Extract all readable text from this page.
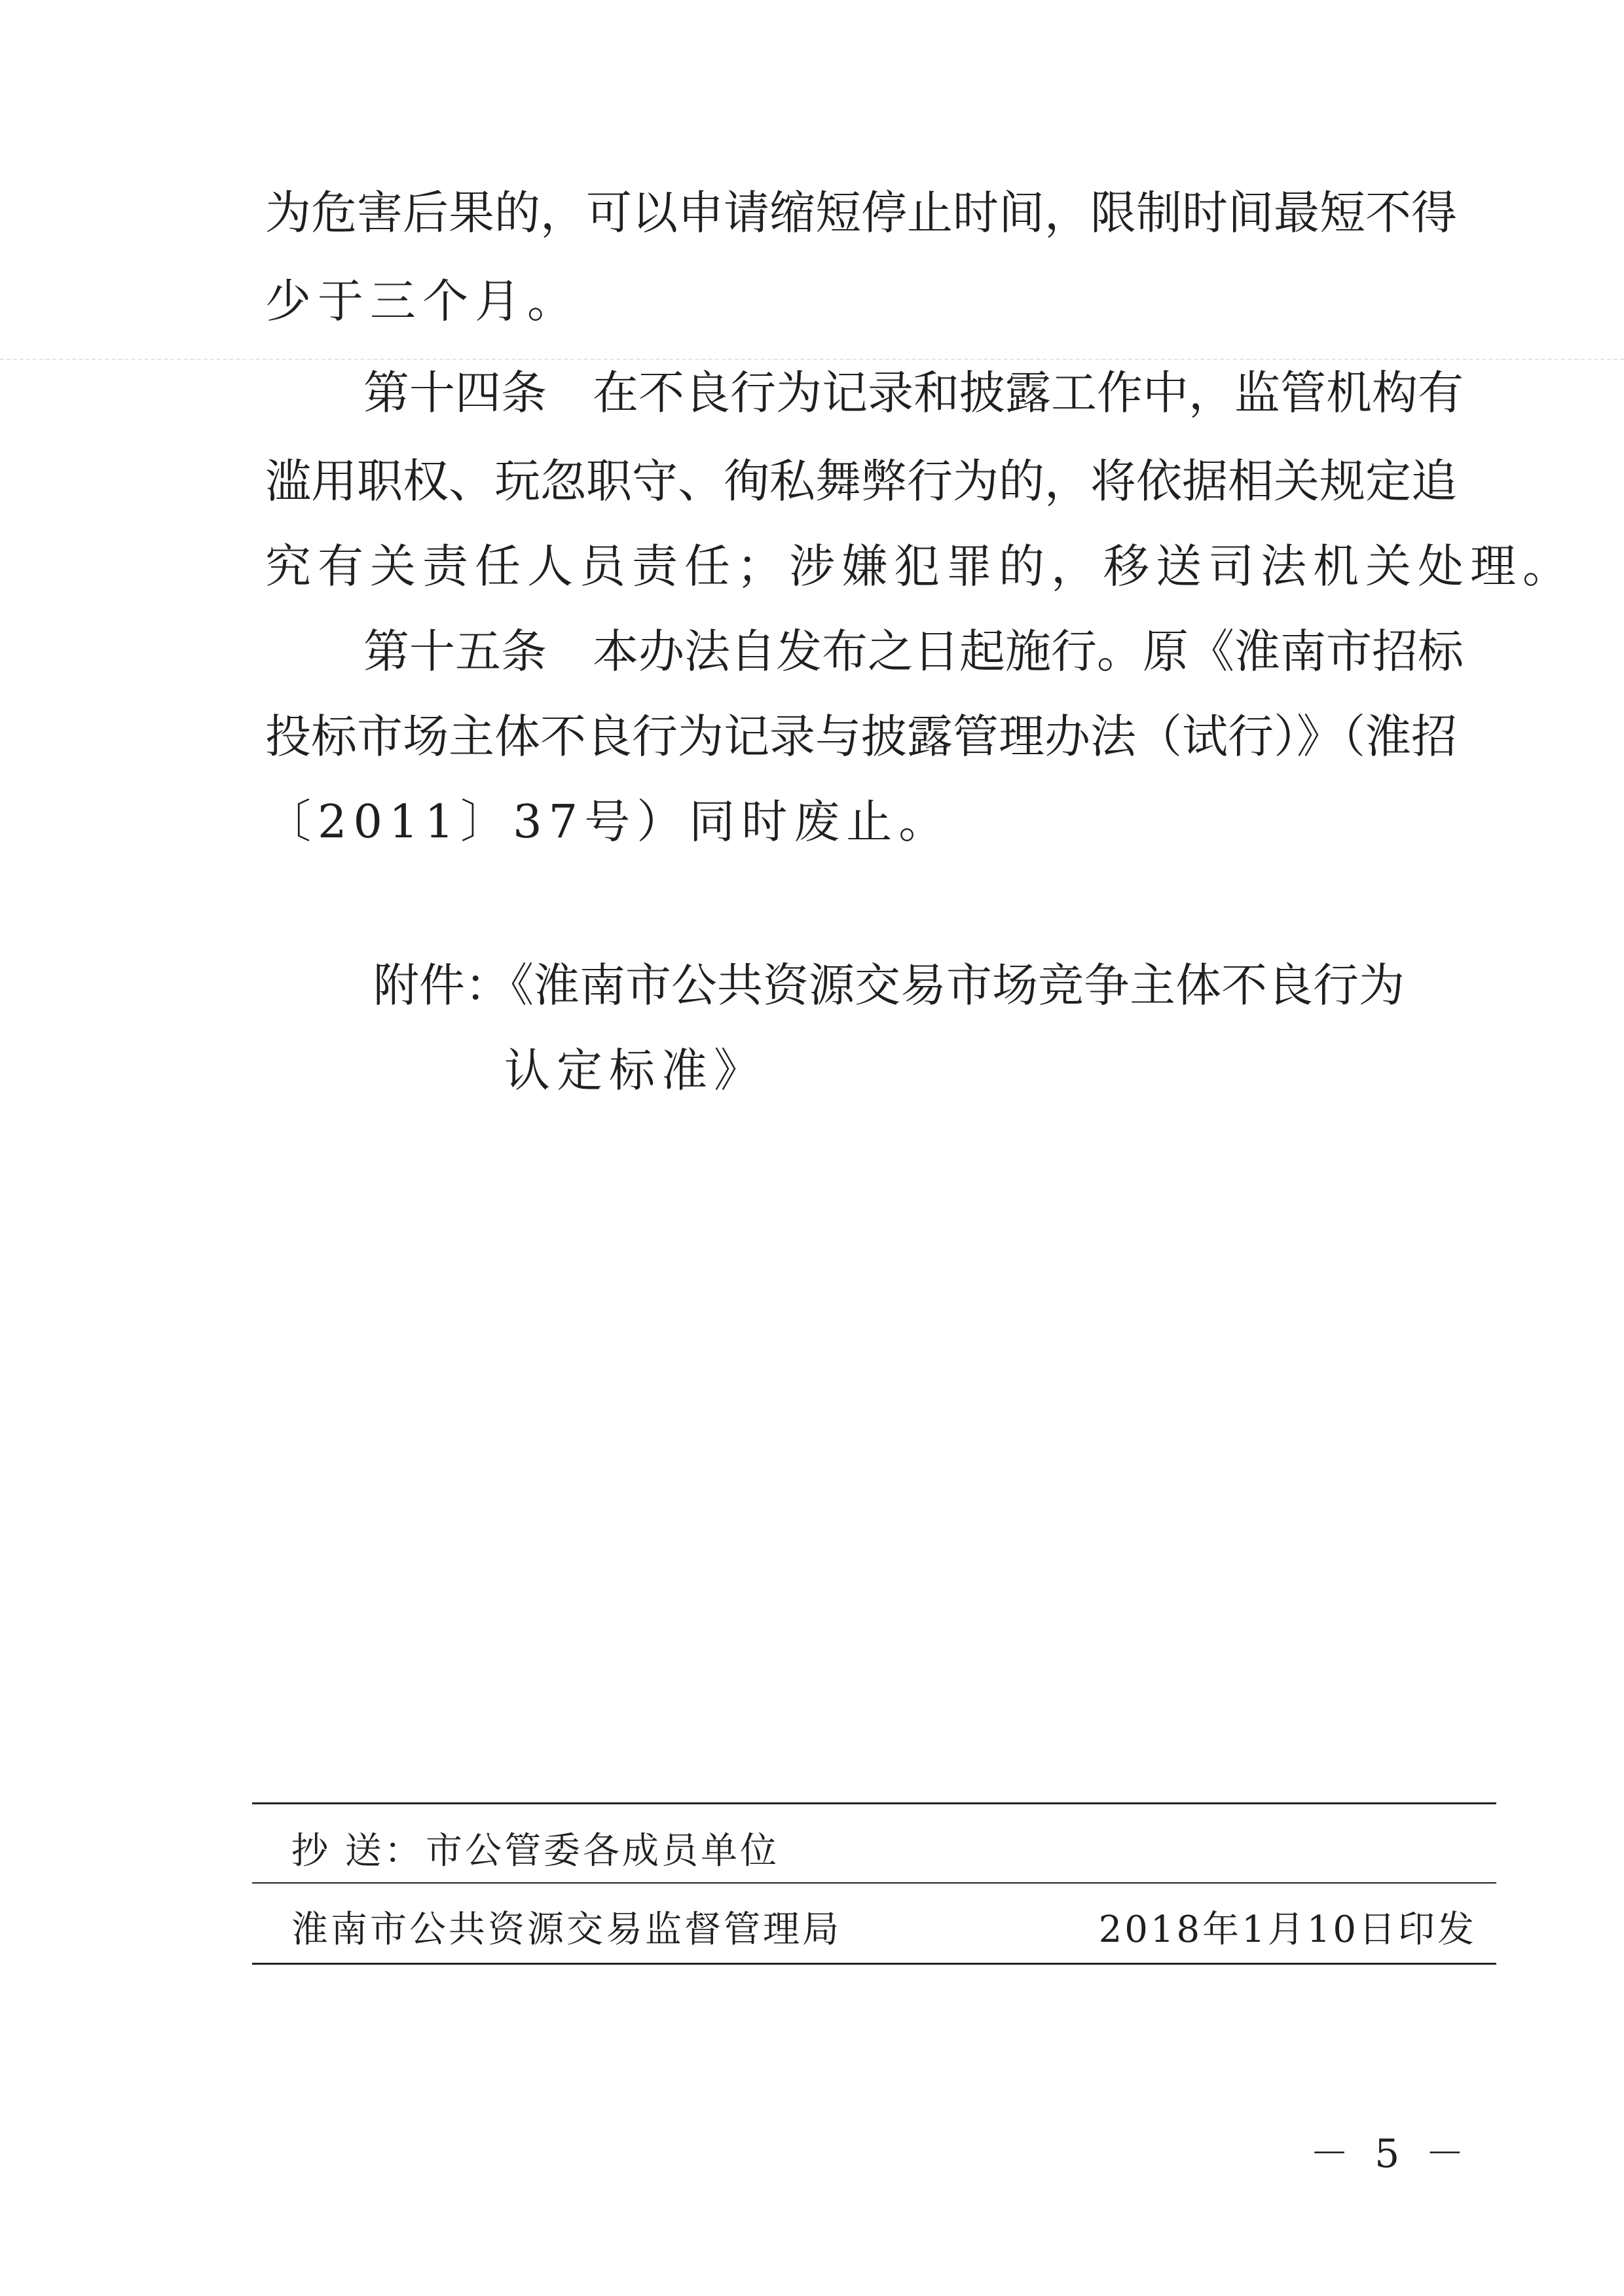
为危害后果的，可以申请缩短停止时间，限制时间最短不得
少于三个月。
第十四条　在不良行为记录和披露工作中，监管机构有
滥用职权、玩忽职守、徇私舞弊行为的，将依据相关规定追
究有关责任人员责任；涉嫌犯罪的，移送司法机关处理。
第十五条　本办法自发布之日起施行。原《淮南市招标
投标市场主体不良行为记录与披露管理办法（试行）》（淮招
〔2011〕37号）同时废止。
附件：《淮南市公共资源交易市场竞争主体不良行为
认定标准》
抄 送： 市公管委各成员单位
淮南市公共资源交易监督管理局	2018年1月10日印发
－ 5 －
